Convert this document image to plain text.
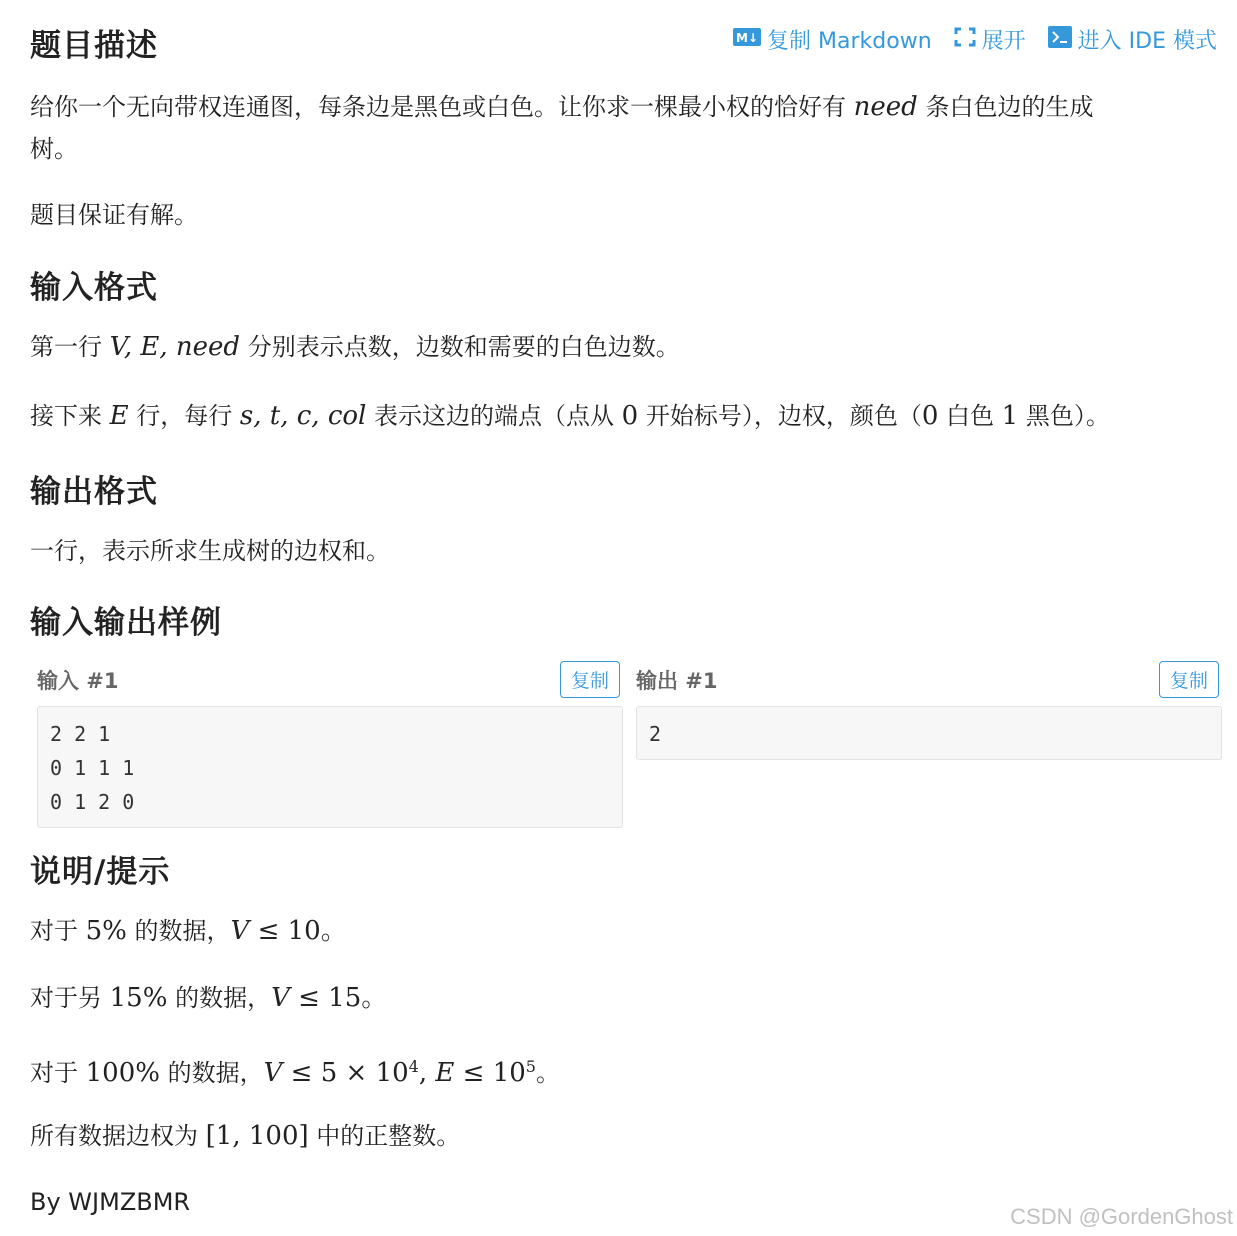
M↓ 复制 Markdown 展开 进入 IDE 模式
题目描述

给你一个无向带权连通图，每条边是黑色或白色。让你求一棵最小权的恰好有 need 条白色边的生成
树。

题目保证有解。

输入格式

第一行 V, E, need 分别表示点数，边数和需要的白色边数。

接下来 E 行，每行 s, t, c, col 表示这边的端点（点从 0 开始标号），边权，颜色（0 白色 1 黑色）。

输出格式

一行，表示所求生成树的边权和。

输入输出样例
输入 #1	复制
2 2 1
0 1 1 1
0 1 2 0
输出 #1	复制
2
说明/提示

对于 5% 的数据，V ≤ 10。

对于另 15% 的数据，V ≤ 15。

对于 100% 的数据，$V \le 5 \times 10^4$, $E \le 10^5$。

所有数据边权为 [1, 100] 中的正整数。

By WJMZBMR

CSDN @GordenGhost
